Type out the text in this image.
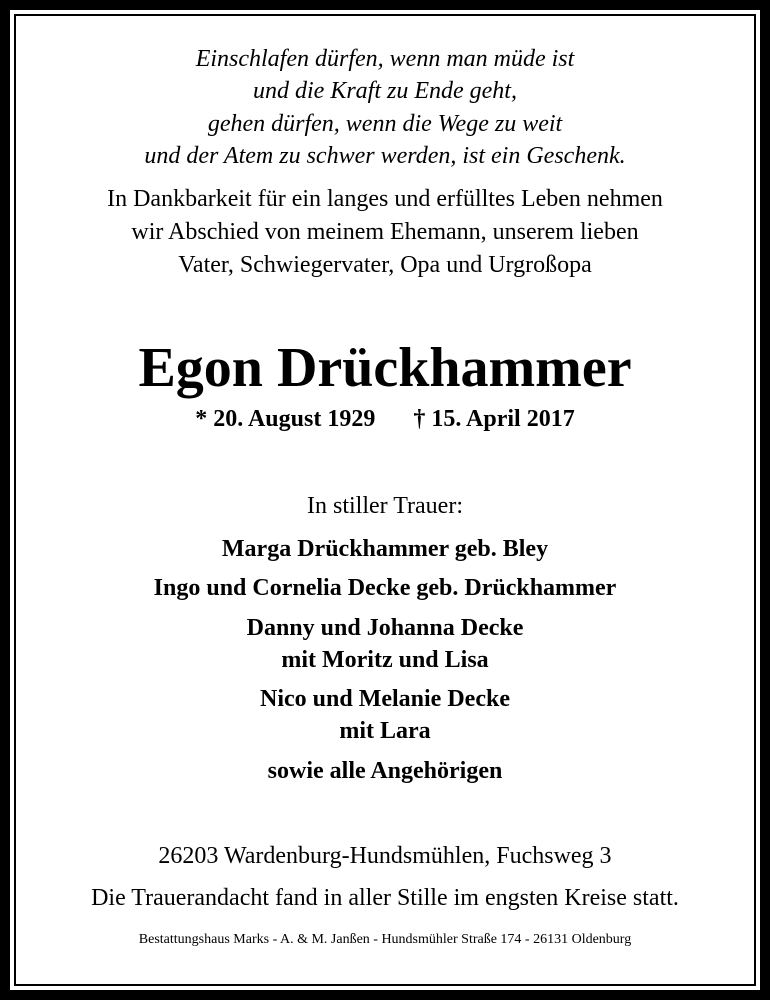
Einschlafen dürfen, wenn man müde ist
und die Kraft zu Ende geht,
gehen dürfen, wenn die Wege zu weit
und der Atem zu schwer werden, ist ein Geschenk.
In Dankbarkeit für ein langes und erfülltes Leben nehmen
wir Abschied von meinem Ehemann, unserem lieben
Vater, Schwiegervater, Opa und Urgroßopa
Egon Drückhammer
* 20. August 1929 † 15. April 2017
In stiller Trauer:
Marga Drückhammer geb. Bley
Ingo und Cornelia Decke geb. Drückhammer
Danny und Johanna Decke
mit Moritz und Lisa
Nico und Melanie Decke
mit Lara
sowie alle Angehörigen
26203 Wardenburg-Hundsmühlen, Fuchsweg 3
Die Trauerandacht fand in aller Stille im engsten Kreise statt.
Bestattungshaus Marks - A. & M. Janßen - Hundsmühler Straße 174 - 26131 Oldenburg
